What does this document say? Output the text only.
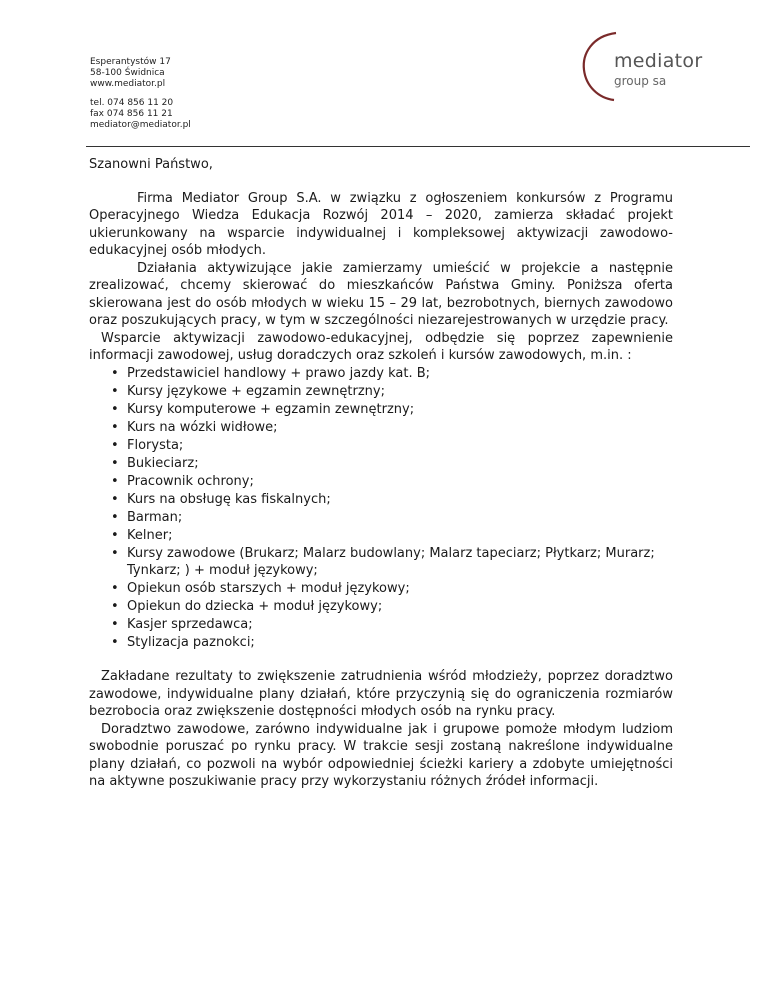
Esperantystów 17
58-100 Świdnica
www.mediator.pl
tel. 074 856 11 20
fax 074 856 11 21
mediator@mediator.pl
mediator
group sa

Szanowni Państwo,

Firma Mediator Group S.A. w związku z ogłoszeniem konkursów z Programu Operacyjnego Wiedza Edukacja Rozwój 2014 – 2020, zamierza składać projekt ukierunkowany na wsparcie indywidualnej i kompleksowej aktywizacji zawodowo-edukacyjnej osób młodych.

Działania aktywizujące jakie zamierzamy umieścić w projekcie a następnie zrealizować, chcemy skierować do mieszkańców Państwa Gminy. Poniższa oferta skierowana jest do osób młodych w wieku 15 – 29 lat, bezrobotnych, biernych zawodowo oraz poszukujących pracy, w tym w szczególności niezarejestrowanych w urzędzie pracy.

Wsparcie aktywizacji zawodowo-edukacyjnej, odbędzie się poprzez zapewnienie informacji zawodowej, usług doradczych oraz szkoleń i kursów zawodowych, m.in. :

• Przedstawiciel handlowy + prawo jazdy kat. B;
• Kursy językowe + egzamin zewnętrzny;
• Kursy komputerowe + egzamin zewnętrzny;
• Kurs na wózki widłowe;
• Florysta;
• Bukieciarz;
• Pracownik ochrony;
• Kurs na obsługę kas fiskalnych;
• Barman;
• Kelner;
• Kursy zawodowe (Brukarz; Malarz budowlany; Malarz tapeciarz; Płytkarz; Murarz; Tynkarz; ) + moduł językowy;
• Opiekun osób starszych + moduł językowy;
• Opiekun do dziecka + moduł językowy;
• Kasjer sprzedawca;
• Stylizacja paznokci;

Zakładane rezultaty to zwiększenie zatrudnienia wśród młodzieży, poprzez doradztwo zawodowe, indywidualne plany działań, które przyczynią się do ograniczenia rozmiarów bezrobocia oraz zwiększenie dostępności młodych osób na rynku pracy.

Doradztwo zawodowe, zarówno indywidualne jak i grupowe pomoże młodym ludziom swobodnie poruszać po rynku pracy. W trakcie sesji zostaną nakreślone indywidualne plany działań, co pozwoli na wybór odpowiedniej ścieżki kariery a zdobyte umiejętności na aktywne poszukiwanie pracy przy wykorzystaniu różnych źródeł informacji.
